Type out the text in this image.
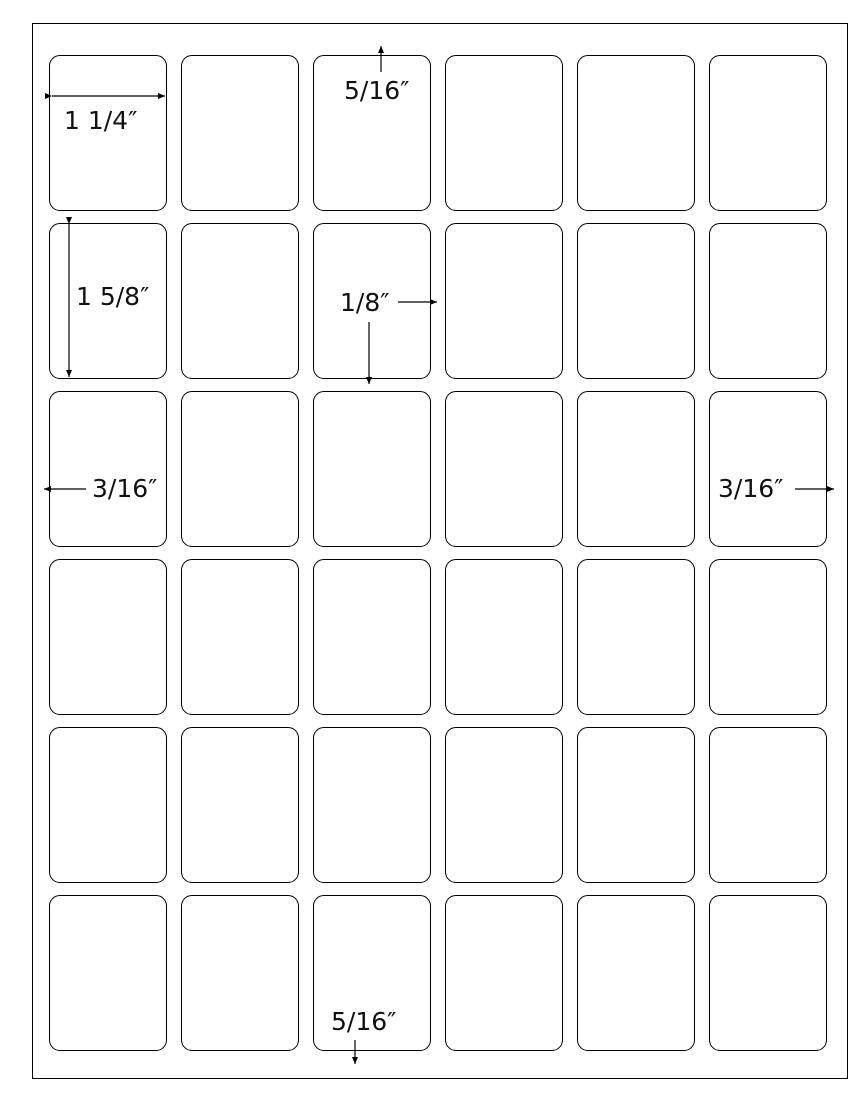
1 1/4″
1 5/8″
5/16″
1/8″
3/16″	3/16″
5/16″
